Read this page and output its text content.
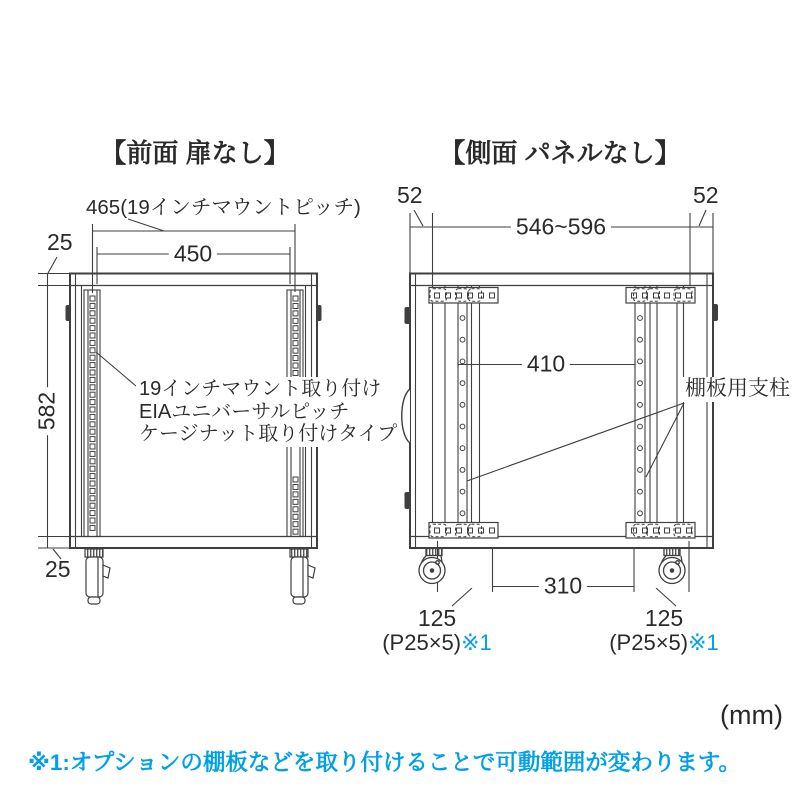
【前面 扉なし】	【側面 パネルなし】
465(19インチマウントピッチ)
450
25
582
25
19インチマウント取り付け
EIAユニバーサルピッチ
ケージナット取り付けタイプ
52	52
546~596
410
棚板用支柱
310
125
(P25×5)※1
125
(P25×5)※1
(mm)
※1:オプションの棚板などを取り付けることで可動範囲が変わります。
